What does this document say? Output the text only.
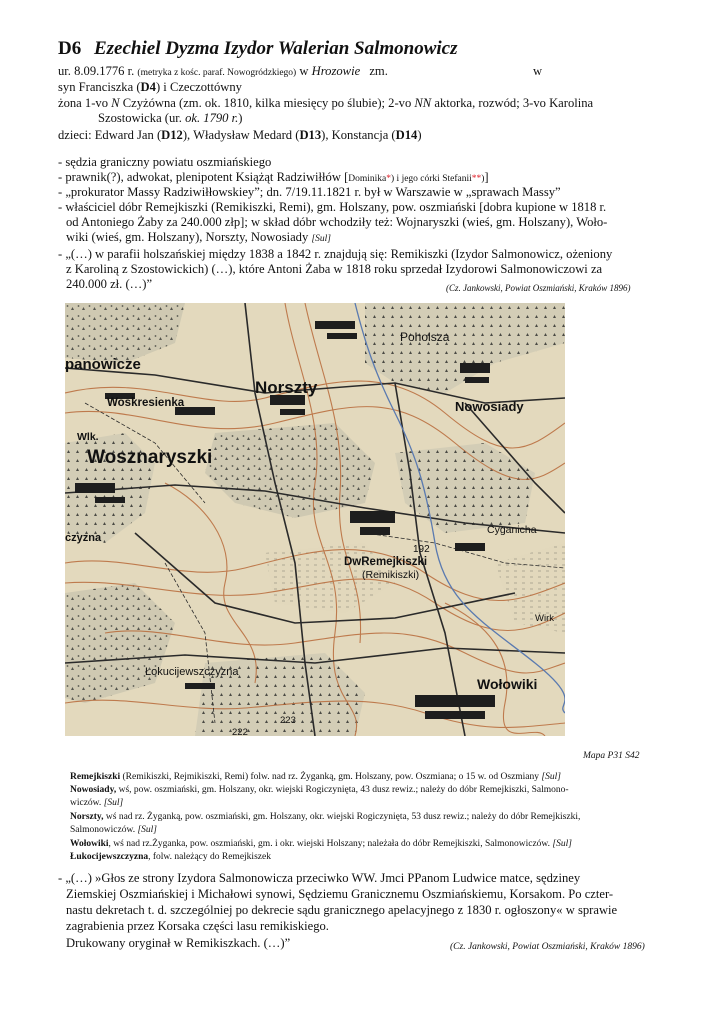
D6 Ezechiel Dyzma Izydor Walerian Salmonowicz
ur. 8.09.1776 r. (metryka z kośc. paraf. Nowogródzkiego) w Hrozowie zm.	w
syn Franciszka (D4) i Czeczottówny
żona 1-vo N Czyżówna (zm. ok. 1810, kilka miesięcy po ślubie); 2-vo NN aktorka, rozwód; 3-vo Karolina
Szostowicka (ur. ok. 1790 r.)
dzieci: Edward Jan (D12), Władysław Medard (D13), Konstancja (D14)
- sędzia graniczny powiatu oszmiańskiego
- prawnik(?), adwokat, plenipotent Książąt Radziwiłłów [Dominika*) i jego córki Stefanii**)]
- „prokurator Massy Radziwiłłowskiey”; dn. 7/19.11.1821 r. był w Warszawie w „sprawach Massy”
- właściciel dóbr Remejkiszki (Remikiszki, Remi), gm. Holszany, pow. oszmiański [dobra kupione w 1818 r.
od Antoniego Żaby za 240.000 złp]; w skład dóbr wchodziły też: Wojnaryszki (wieś, gm. Holszany), Woło-
wiki (wieś, gm. Holszany), Norszty, Nowosiady [Sul]
- „(…) w parafii holszańskiej między 1838 a 1842 r. znajdują się: Remikiszki (Izydor Salmonowicz, ożeniony
z Karoliną z Szostowickich) (…), które Antoni Żaba w 1818 roku sprzedał Izydorowi Salmonowiczowi za
240.000 zł. (…)”	(Cz. Jankowski, Powiat Oszmiański, Kraków 1896)
Poholsza
panowicze
Norszty
Woskresienka	Nowosiady
Wlk.
Wosznaryszki
czyzna
Cyganicha
192
DwRemejkiszki
(Remikiszki)
Wirk
Łokucijewszczyzna
Wołowiki
223
222
Mapa P31 S42
Remejkiszki (Remikiszki, Rejmikiszki, Remi) folw. nad rz. Żyganką, gm. Holszany, pow. Oszmiana; o 15 w. od Oszmiany [Sul]
Nowosiady, wś, pow. oszmiański, gm. Holszany, okr. wiejski Rogiczynięta, 43 dusz rewiz.; należy do dóbr Remejkiszki, Salmono-
wiczów. [Sul]
Norszty, wś nad rz. Żyganką, pow. oszmiański, gm. Holszany, okr. wiejski Rogiczynięta, 53 dusz rewiz.; należy do dóbr Remejkiszki,
Salmonowiczów. [Sul]
Wołowiki, wś nad rz.Żyganka, pow. oszmiański, gm. i okr. wiejski Holszany; należała do dóbr Remejkiszki, Salmonowiczów. [Sul]
Łukocijewszczyzna, folw. należący do Remejkiszek
- „(…) »Głos ze strony Izydora Salmonowicza przeciwko WW. Jmci PPanom Ludwice matce, sędziney
Ziemskiej Oszmiańskiej i Michałowi synowi, Sędziemu Granicznemu Oszmiańskiemu, Korsakom. Po czter-
nastu dekretach t. d. szczególniej po dekrecie sądu granicznego apelacyjnego z 1830 r. ogłoszony« w sprawie
zagrabienia przez Korsaka części lasu remikiskiego.
Drukowany oryginał w Remikiszkach. (…)”	(Cz. Jankowski, Powiat Oszmiański, Kraków 1896)
